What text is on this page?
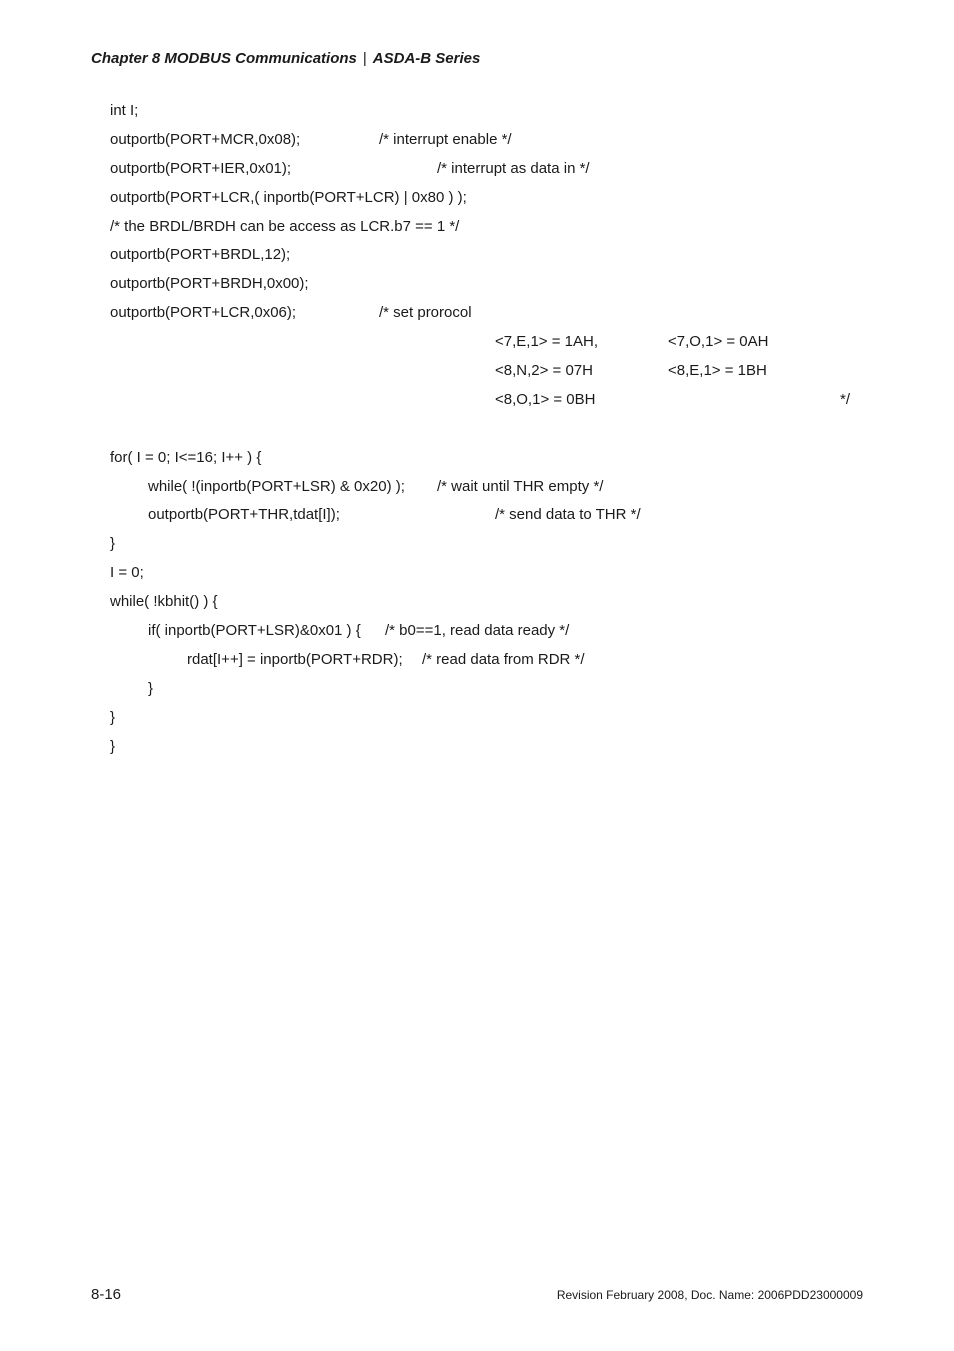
Chapter 8 MODBUS Communications | ASDA-B Series
int I;
outportb(PORT+MCR,0x08);	/* interrupt enable */
outportb(PORT+IER,0x01);	/* interrupt as data in */
outportb(PORT+LCR,( inportb(PORT+LCR) | 0x80 ) );
/* the BRDL/BRDH can be access as LCR.b7 == 1 */
outportb(PORT+BRDL,12);
outportb(PORT+BRDH,0x00);
outportb(PORT+LCR,0x06);	/* set prorocol
<7,E,1> = 1AH,	<7,O,1> = 0AH
<8,N,2> = 07H	<8,E,1> = 1BH
<8,O,1> = 0BH	*/
for( I = 0; I<=16; I++ ) {
while( !(inportb(PORT+LSR) & 0x20) ); /* wait until THR empty */
outportb(PORT+THR,tdat[I]);	/* send data to THR */
}
I = 0;
while( !kbhit() ) {
if( inportb(PORT+LSR)&0x01 ) { /* b0==1, read data ready */
rdat[I++] = inportb(PORT+RDR); /* read data from RDR */
}
}
}
8-16	Revision February 2008, Doc. Name: 2006PDD23000009
